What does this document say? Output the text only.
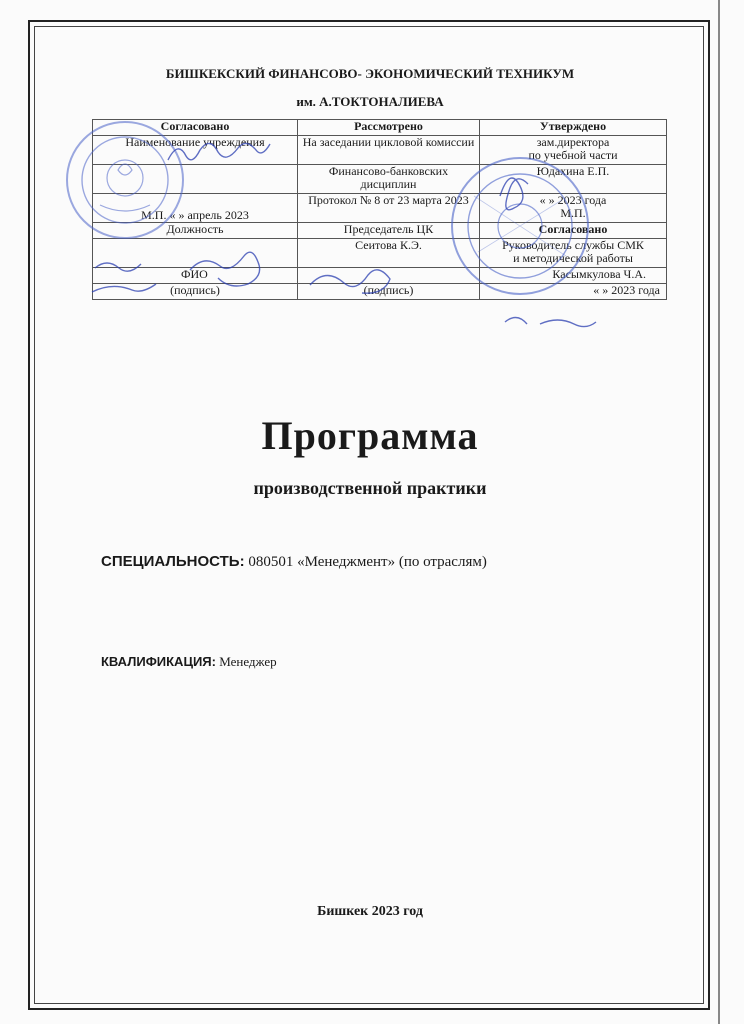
БИШКЕКСКИЙ ФИНАНСОВО- ЭКОНОМИЧЕСКИЙ ТЕХНИКУМ
им. А.ТОКТОНАЛИЕВА
Согласовано	Рассмотрено	Утверждено
Наименование учреждения	На заседании цикловой комиссии	зам.директора
по учебной части

	Финансово-банковских дисциплин	Юдахина Е.П.
М.П. « » апрель 2023	Протокол № 8 от 23 марта 2023	« » 2023 года
М.П.

Должность	Председатель ЦК	Согласовано
	Сеитова К.Э.	Руководитель службы СМК
и методической работы

ФИО		Касымкулова Ч.А.
(подпись)	(подпись)	« » 2023 года
Программа
производственной практики
СПЕЦИАЛЬНОСТЬ: 080501 «Менеджмент» (по отраслям)
КВАЛИФИКАЦИЯ: Менеджер
Бишкек 2023 год
